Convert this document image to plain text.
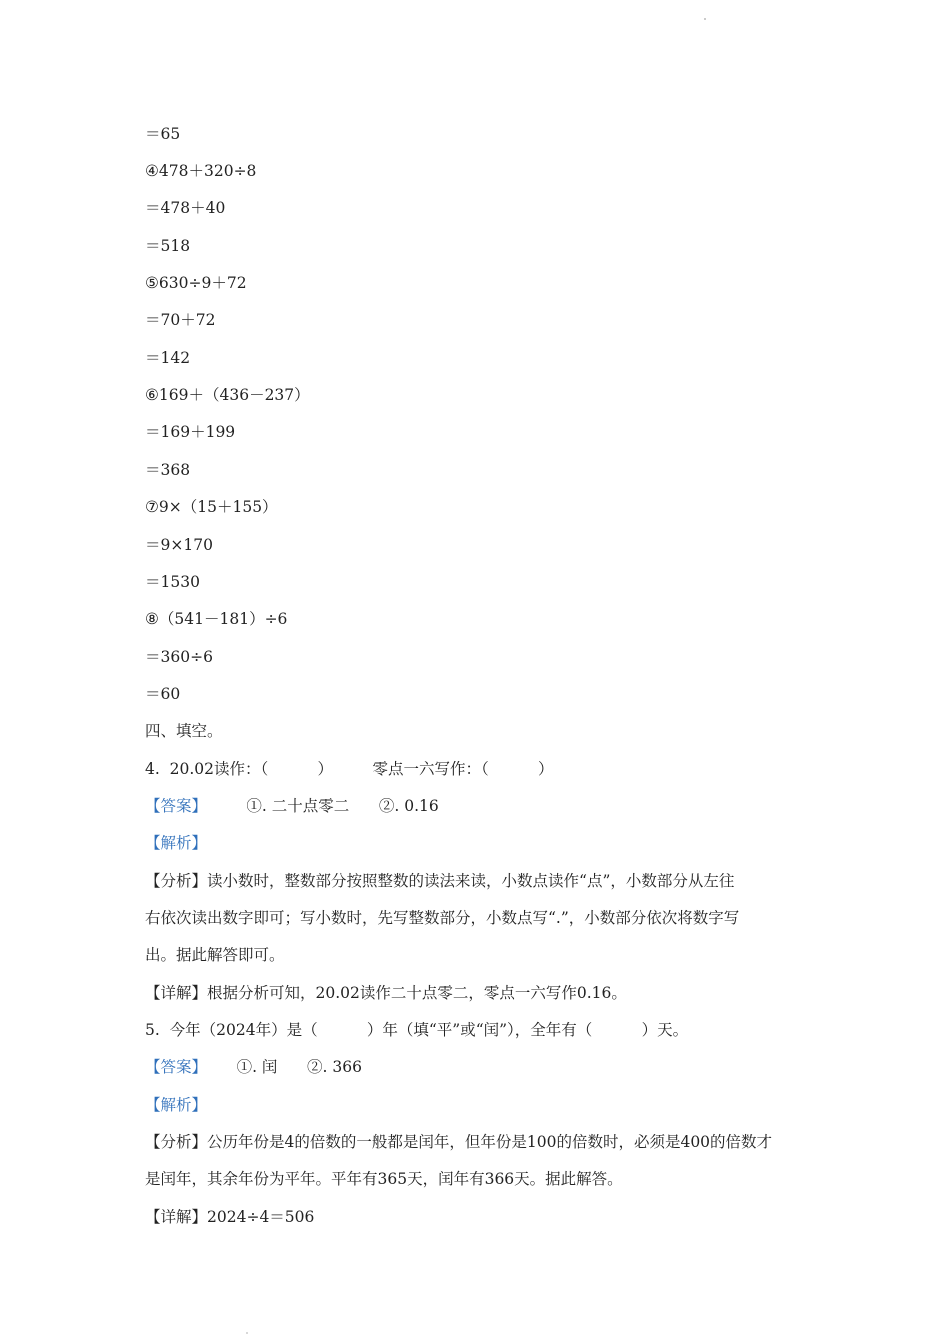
＝65
④478＋320÷8
＝478＋40
＝518
⑤630÷9＋72
＝70＋72
＝142
⑥169＋（436－237）
＝169＋199
＝368
⑦9×（15＋155）
＝9×170
＝1530
⑧（541－181）÷6
＝360÷6
＝60
四、填空。
4.  20.02读作：（          ）        零点一六写作：（          ）
【答案】        ①. 二十点零二      ②. 0.16
【解析】
【分析】读小数时，整数部分按照整数的读法来读，小数点读作“点”，小数部分从左往
右依次读出数字即可；写小数时，先写整数部分，小数点写“.”，小数部分依次将数字写
出。据此解答即可。
【详解】根据分析可知，20.02读作二十点零二，零点一六写作0.16。
5.  今年（2024年）是（          ）年（填“平”或“闰”），全年有（          ）天。
【答案】      ①. 闰      ②. 366
【解析】
【分析】公历年份是4的倍数的一般都是闰年，但年份是100的倍数时，必须是400的倍数才
是闰年，其余年份为平年。平年有365天，闰年有366天。据此解答。
【详解】2024÷4＝506
